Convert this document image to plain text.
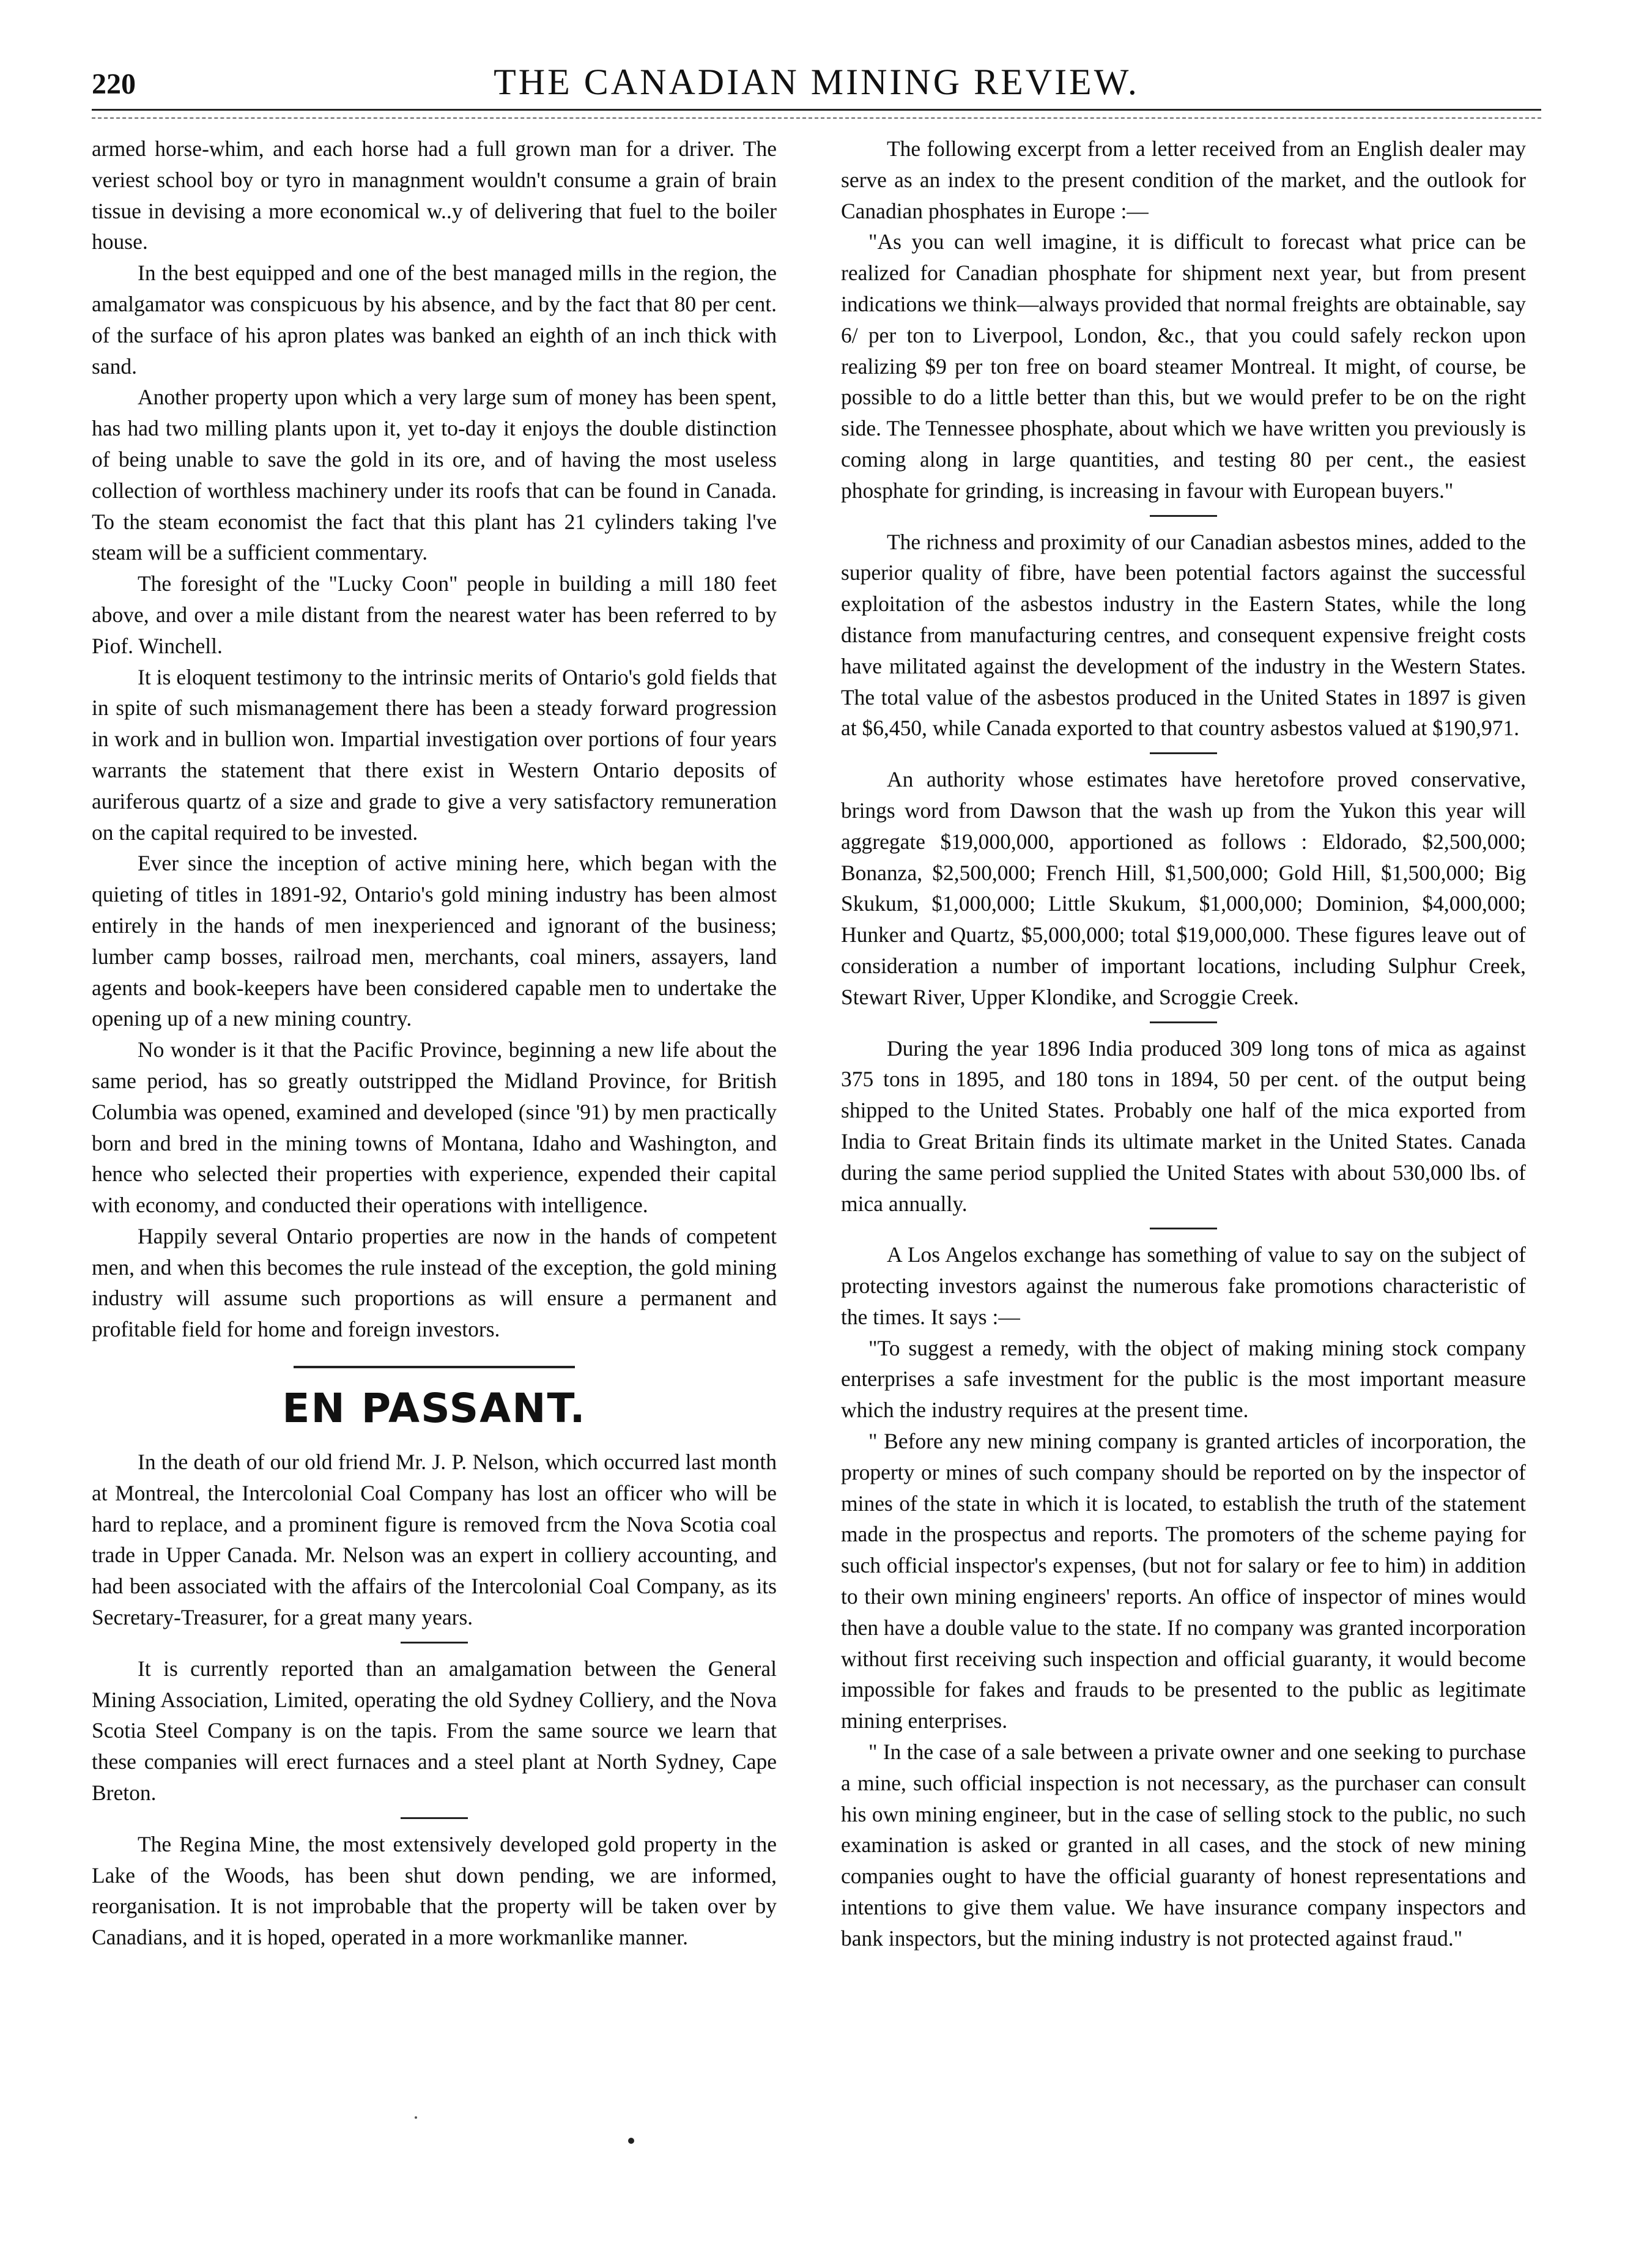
220	THE CANADIAN MINING REVIEW.

armed horse-whim, and each horse had a full grown man for a driver. The veriest school boy or tyro in managnment wouldn't consume a grain of brain tissue in devising a more economical w..y of delivering that fuel to the boiler house.

In the best equipped and one of the best managed mills in the region, the amalgamator was conspicuous by his absence, and by the fact that 80 per cent. of the surface of his apron plates was banked an eighth of an inch thick with sand.

Another property upon which a very large sum of money has been spent, has had two milling plants upon it, yet to-day it enjoys the double distinction of being unable to save the gold in its ore, and of having the most useless collection of worthless machinery under its roofs that can be found in Canada. To the steam economist the fact that this plant has 21 cylinders taking l've steam will be a sufficient commentary.

The foresight of the "Lucky Coon" people in building a mill 180 feet above, and over a mile distant from the nearest water has been referred to by Piof. Winchell.

It is eloquent testimony to the intrinsic merits of Ontario's gold fields that in spite of such mismanagement there has been a steady forward progression in work and in bullion won. Impartial investigation over portions of four years warrants the statement that there exist in Western Ontario deposits of auriferous quartz of a size and grade to give a very satisfactory remuneration on the capital required to be invested.

Ever since the inception of active mining here, which began with the quieting of titles in 1891-92, Ontario's gold mining industry has been almost entirely in the hands of men inexperienced and ignorant of the business; lumber camp bosses, railroad men, merchants, coal miners, assayers, land agents and book-keepers have been considered capable men to undertake the opening up of a new mining country.

No wonder is it that the Pacific Province, beginning a new life about the same period, has so greatly outstripped the Midland Province, for British Columbia was opened, examined and developed (since '91) by men practically born and bred in the mining towns of Montana, Idaho and Washington, and hence who selected their properties with experience, expended their capital with economy, and conducted their operations with intelligence.

Happily several Ontario properties are now in the hands of competent men, and when this becomes the rule instead of the exception, the gold mining industry will assume such proportions as will ensure a permanent and profitable field for home and foreign investors.

EN PASSANT.

In the death of our old friend Mr. J. P. Nelson, which occurred last month at Montreal, the Intercolonial Coal Company has lost an officer who will be hard to replace, and a prominent figure is removed frcm the Nova Scotia coal trade in Upper Canada. Mr. Nelson was an expert in colliery accounting, and had been associated with the affairs of the Intercolonial Coal Company, as its Secretary-Treasurer, for a great many years.

It is currently reported than an amalgamation between the General Mining Association, Limited, operating the old Sydney Colliery, and the Nova Scotia Steel Company is on the tapis. From the same source we learn that these companies will erect furnaces and a steel plant at North Sydney, Cape Breton.

The Regina Mine, the most extensively developed gold property in the Lake of the Woods, has been shut down pending, we are informed, reorganisation. It is not improbable that the property will be taken over by Canadians, and it is hoped, operated in a more workmanlike manner.

The following excerpt from a letter received from an English dealer may serve as an index to the present condition of the market, and the outlook for Canadian phosphates in Europe :—

"As you can well imagine, it is difficult to forecast what price can be realized for Canadian phosphate for shipment next year, but from present indications we think—always provided that normal freights are obtainable, say 6/ per ton to Liverpool, London, &c., that you could safely reckon upon realizing $9 per ton free on board steamer Montreal. It might, of course, be possible to do a little better than this, but we would prefer to be on the right side. The Tennessee phosphate, about which we have written you previously is coming along in large quantities, and testing 80 per cent., the easiest phosphate for grinding, is increasing in favour with European buyers."

The richness and proximity of our Canadian asbestos mines, added to the superior quality of fibre, have been potential factors against the successful exploitation of the asbestos industry in the Eastern States, while the long distance from manufacturing centres, and consequent expensive freight costs have militated against the development of the industry in the Western States. The total value of the asbestos produced in the United States in 1897 is given at $6,450, while Canada exported to that country asbestos valued at $190,971.

An authority whose estimates have heretofore proved conservative, brings word from Dawson that the wash up from the Yukon this year will aggregate $19,000,000, apportioned as follows : Eldorado, $2,500,000; Bonanza, $2,500,000; French Hill, $1,500,000; Gold Hill, $1,500,000; Big Skukum, $1,000,000; Little Skukum, $1,000,000; Dominion, $4,000,000; Hunker and Quartz, $5,000,000; total $19,000,000. These figures leave out of consideration a number of important locations, including Sulphur Creek, Stewart River, Upper Klondike, and Scroggie Creek.

During the year 1896 India produced 309 long tons of mica as against 375 tons in 1895, and 180 tons in 1894, 50 per cent. of the output being shipped to the United States. Probably one half of the mica exported from India to Great Britain finds its ultimate market in the United States. Canada during the same period supplied the United States with about 530,000 lbs. of mica annually.

A Los Angelos exchange has something of value to say on the subject of protecting investors against the numerous fake promotions characteristic of the times. It says :—

"To suggest a remedy, with the object of making mining stock company enterprises a safe investment for the public is the most important measure which the industry requires at the present time.

" Before any new mining company is granted articles of incorporation, the property or mines of such company should be reported on by the inspector of mines of the state in which it is located, to establish the truth of the statement made in the prospectus and reports. The promoters of the scheme paying for such official inspector's expenses, (but not for salary or fee to him) in addition to their own mining engineers' reports. An office of inspector of mines would then have a double value to the state. If no company was granted incorporation without first receiving such inspection and official guaranty, it would become impossible for fakes and frauds to be presented to the public as legitimate mining enterprises.

" In the case of a sale between a private owner and one seeking to purchase a mine, such official inspection is not necessary, as the purchaser can consult his own mining engineer, but in the case of selling stock to the public, no such examination is asked or granted in all cases, and the stock of new mining companies ought to have the official guaranty of honest representations and intentions to give them value. We have insurance company inspectors and bank inspectors, but the mining industry is not protected against fraud."
